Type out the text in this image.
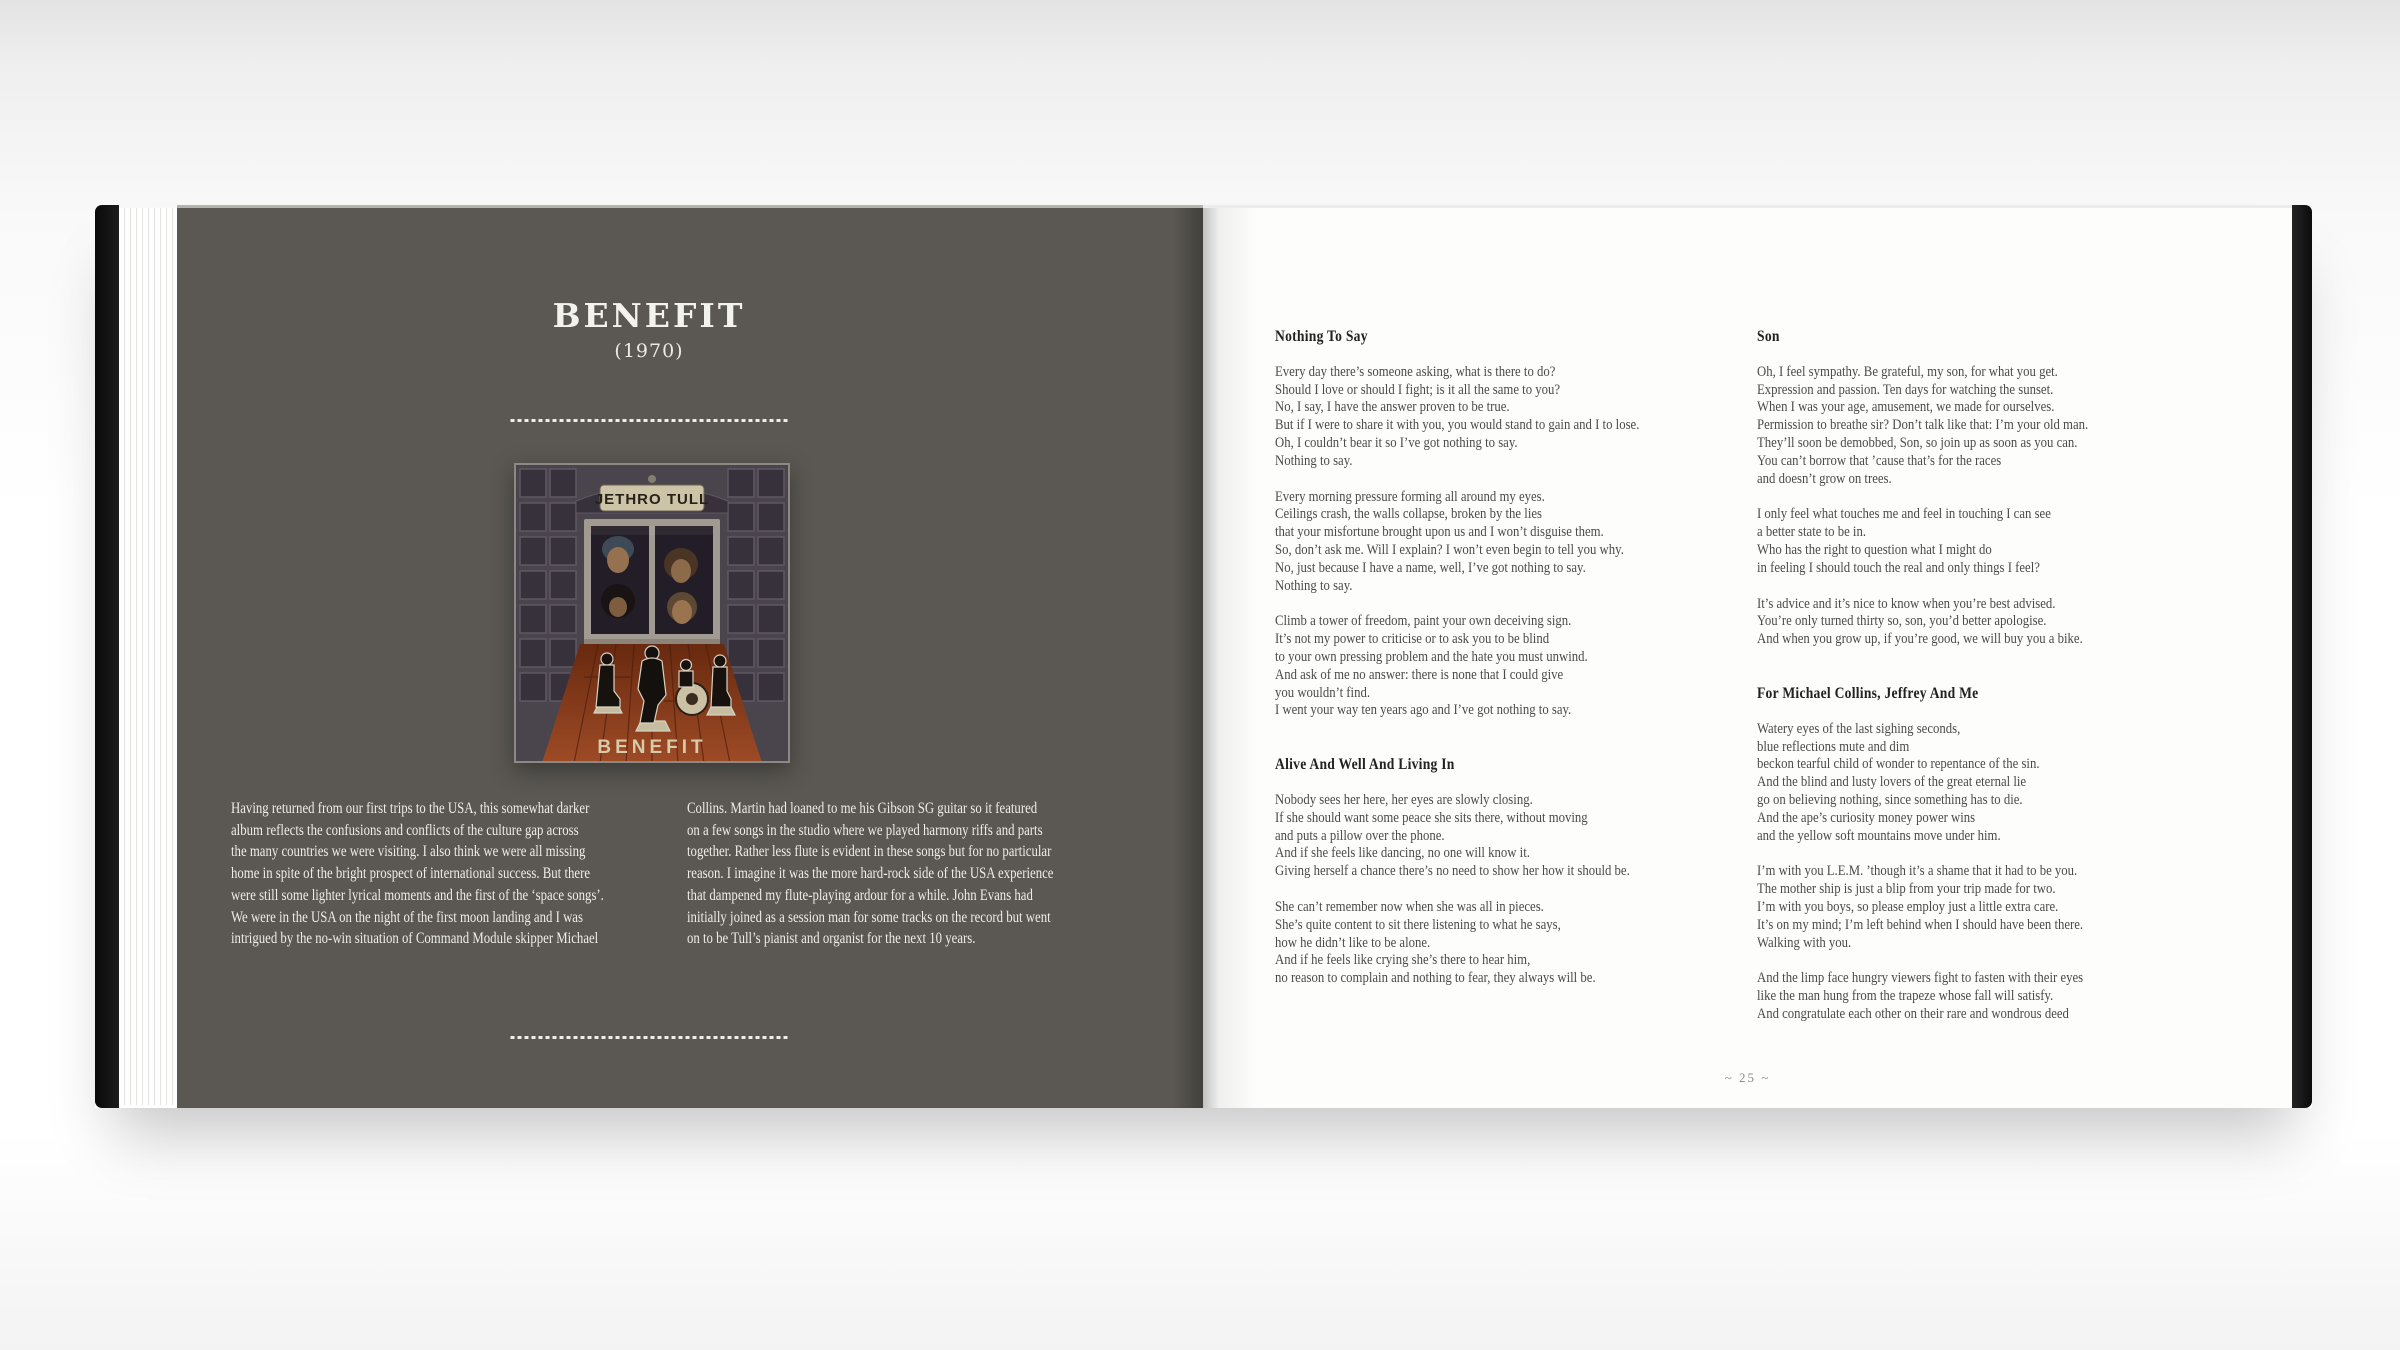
BENEFIT
(1970)
JETHRO TULL
BENEFIT
Having returned from our first trips to the USA, this somewhat darker
album reflects the confusions and conflicts of the culture gap across
the many countries we were visiting. I also think we were all missing
home in spite of the bright prospect of international success. But there
were still some lighter lyrical moments and the first of the ‘space songs’.
We were in the USA on the night of the first moon landing and I was
intrigued by the no-win situation of Command Module skipper Michael
Collins. Martin had loaned to me his Gibson SG guitar so it featured
on a few songs in the studio where we played harmony riffs and parts
together. Rather less flute is evident in these songs but for no particular
reason. I imagine it was the more hard-rock side of the USA experience
that dampened my flute-playing ardour for a while. John Evans had
initially joined as a session man for some tracks on the record but went
on to be Tull’s pianist and organist for the next 10 years.
Nothing To Say
Every day there’s someone asking, what is there to do?
Should I love or should I fight; is it all the same to you?
No, I say, I have the answer proven to be true.
But if I were to share it with you, you would stand to gain and I to lose.
Oh, I couldn’t bear it so I’ve got nothing to say.
Nothing to say.
Every morning pressure forming all around my eyes.
Ceilings crash, the walls collapse, broken by the lies
that your misfortune brought upon us and I won’t disguise them.
So, don’t ask me. Will I explain? I won’t even begin to tell you why.
No, just because I have a name, well, I’ve got nothing to say.
Nothing to say.
Climb a tower of freedom, paint your own deceiving sign.
It’s not my power to criticise or to ask you to be blind
to your own pressing problem and the hate you must unwind.
And ask of me no answer: there is none that I could give
you wouldn’t find.
I went your way ten years ago and I’ve got nothing to say.
Alive And Well And Living In
Nobody sees her here, her eyes are slowly closing.
If she should want some peace she sits there, without moving
and puts a pillow over the phone.
And if she feels like dancing, no one will know it.
Giving herself a chance there’s no need to show her how it should be.
She can’t remember now when she was all in pieces.
She’s quite content to sit there listening to what he says,
how he didn’t like to be alone.
And if he feels like crying she’s there to hear him,
no reason to complain and nothing to fear, they always will be.
Son
Oh, I feel sympathy. Be grateful, my son, for what you get.
Expression and passion. Ten days for watching the sunset.
When I was your age, amusement, we made for ourselves.
Permission to breathe sir? Don’t talk like that: I’m your old man.
They’ll soon be demobbed, Son, so join up as soon as you can.
You can’t borrow that ’cause that’s for the races
and doesn’t grow on trees.
I only feel what touches me and feel in touching I can see
a better state to be in.
Who has the right to question what I might do
in feeling I should touch the real and only things I feel?
It’s advice and it’s nice to know when you’re best advised.
You’re only turned thirty so, son, you’d better apologise.
And when you grow up, if you’re good, we will buy you a bike.
For Michael Collins, Jeffrey And Me
Watery eyes of the last sighing seconds,
blue reflections mute and dim
beckon tearful child of wonder to repentance of the sin.
And the blind and lusty lovers of the great eternal lie
go on believing nothing, since something has to die.
And the ape’s curiosity money power wins
and the yellow soft mountains move under him.
I’m with you L.E.M. ’though it’s a shame that it had to be you.
The mother ship is just a blip from your trip made for two.
I’m with you boys, so please employ just a little extra care.
It’s on my mind; I’m left behind when I should have been there.
Walking with you.
And the limp face hungry viewers fight to fasten with their eyes
like the man hung from the trapeze whose fall will satisfy.
And congratulate each other on their rare and wondrous deed
~ 25 ~
